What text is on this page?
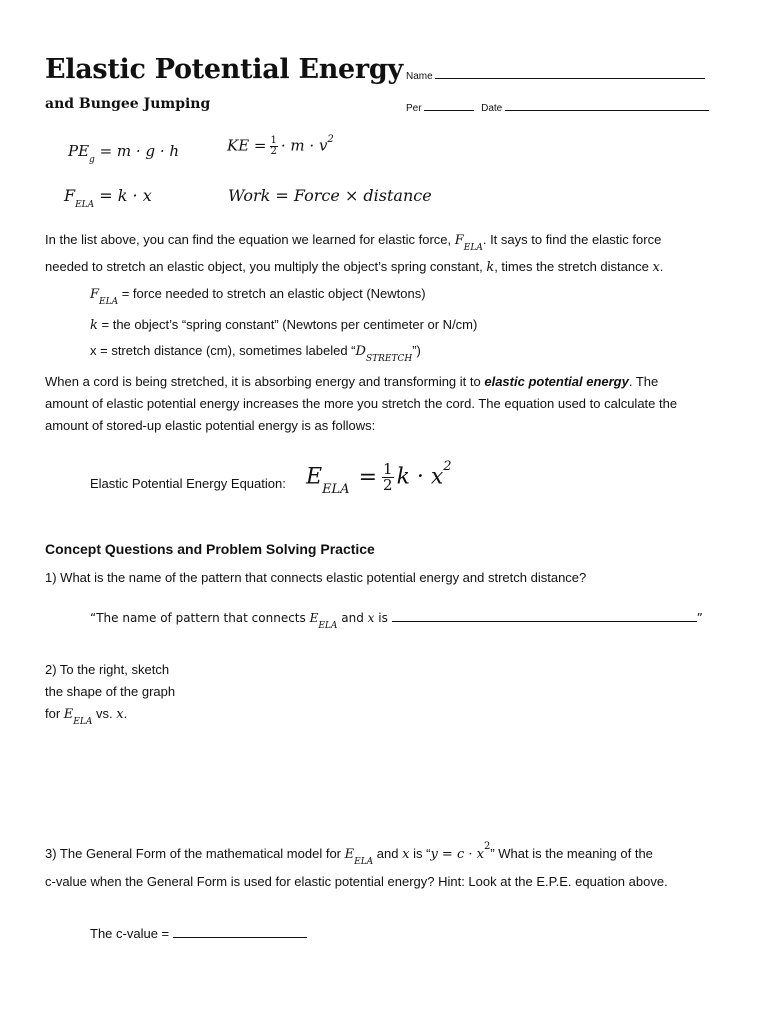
Elastic Potential Energy
and Bungee Jumping
Name
Per	Date
$PE_g = m \cdot g \cdot h$	KE = $\frac{1}{2} \cdot m \cdot v^2$
$F_{ELA} = k \cdot x$	Work = Force × distance
In the list above, you can find the equation we learned for elastic force, $F_{ELA}$. It says to find the elastic force
needed to stretch an elastic object, you multiply the object’s spring constant, k, times the stretch distance x.
$F_{ELA}$ = force needed to stretch an elastic object (Newtons)
k = the object’s “spring constant” (Newtons per centimeter or N/cm)
x = stretch distance (cm), sometimes labeled “$D_{STRETCH}$”)
When a cord is being stretched, it is absorbing energy and transforming it to elastic potential energy. The
amount of elastic potential energy increases the more you stretch the cord. The equation used to calculate the
amount of stored-up elastic potential energy is as follows:
Elastic Potential Energy Equation: $E_{ELA} = \frac{1}{2}$ $k \cdot x^2$
Concept Questions and Problem Solving Practice
1) What is the name of the pattern that connects elastic potential energy and stretch distance?
“The name of pattern that connects $E_{ELA}$ and x is	”
2) To the right, sketch
the shape of the graph
for $E_{ELA}$ vs. x.
3) The General Form of the mathematical model for $E_{ELA}$ and x is “$y = c \cdot x^2$” What is the meaning of the
c-value when the General Form is used for elastic potential energy? Hint: Look at the E.P.E. equation above.
The c-value =
